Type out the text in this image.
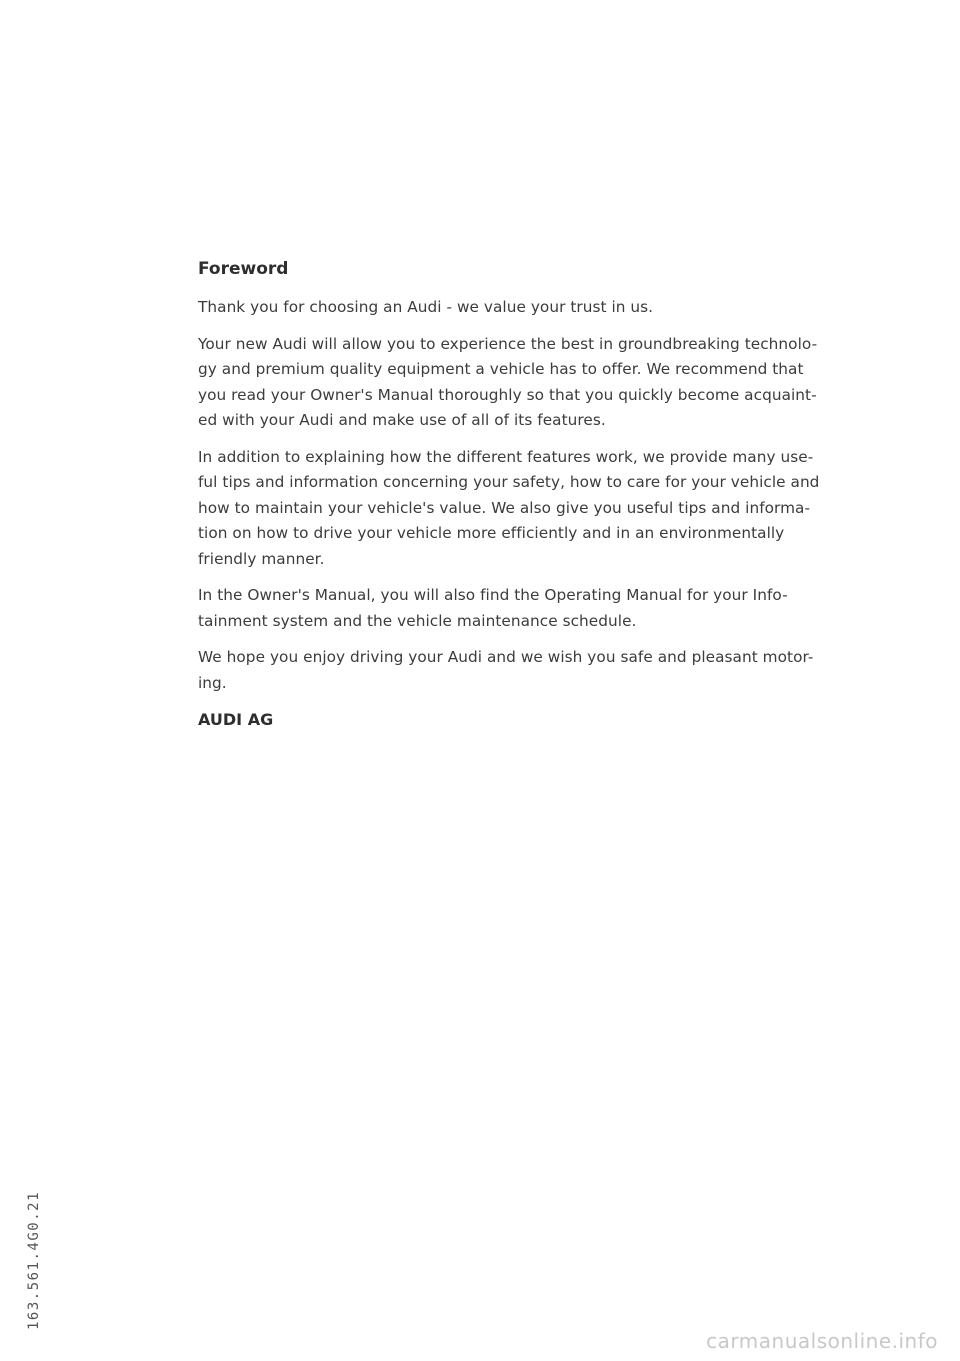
Foreword

Thank you for choosing an Audi - we value your trust in us.

Your new Audi will allow you to experience the best in groundbreaking technolo-
gy and premium quality equipment a vehicle has to offer. We recommend that
you read your Owner's Manual thoroughly so that you quickly become acquaint-
ed with your Audi and make use of all of its features.

In addition to explaining how the different features work, we provide many use-
ful tips and information concerning your safety, how to care for your vehicle and
how to maintain your vehicle's value. We also give you useful tips and informa-
tion on how to drive your vehicle more efficiently and in an environmentally
friendly manner.

In the Owner's Manual, you will also find the Operating Manual for your Info-
tainment system and the vehicle maintenance schedule.

We hope you enjoy driving your Audi and we wish you safe and pleasant motor-
ing.

AUDI AG
163.561.4G0.21
carmanualsonline.info
